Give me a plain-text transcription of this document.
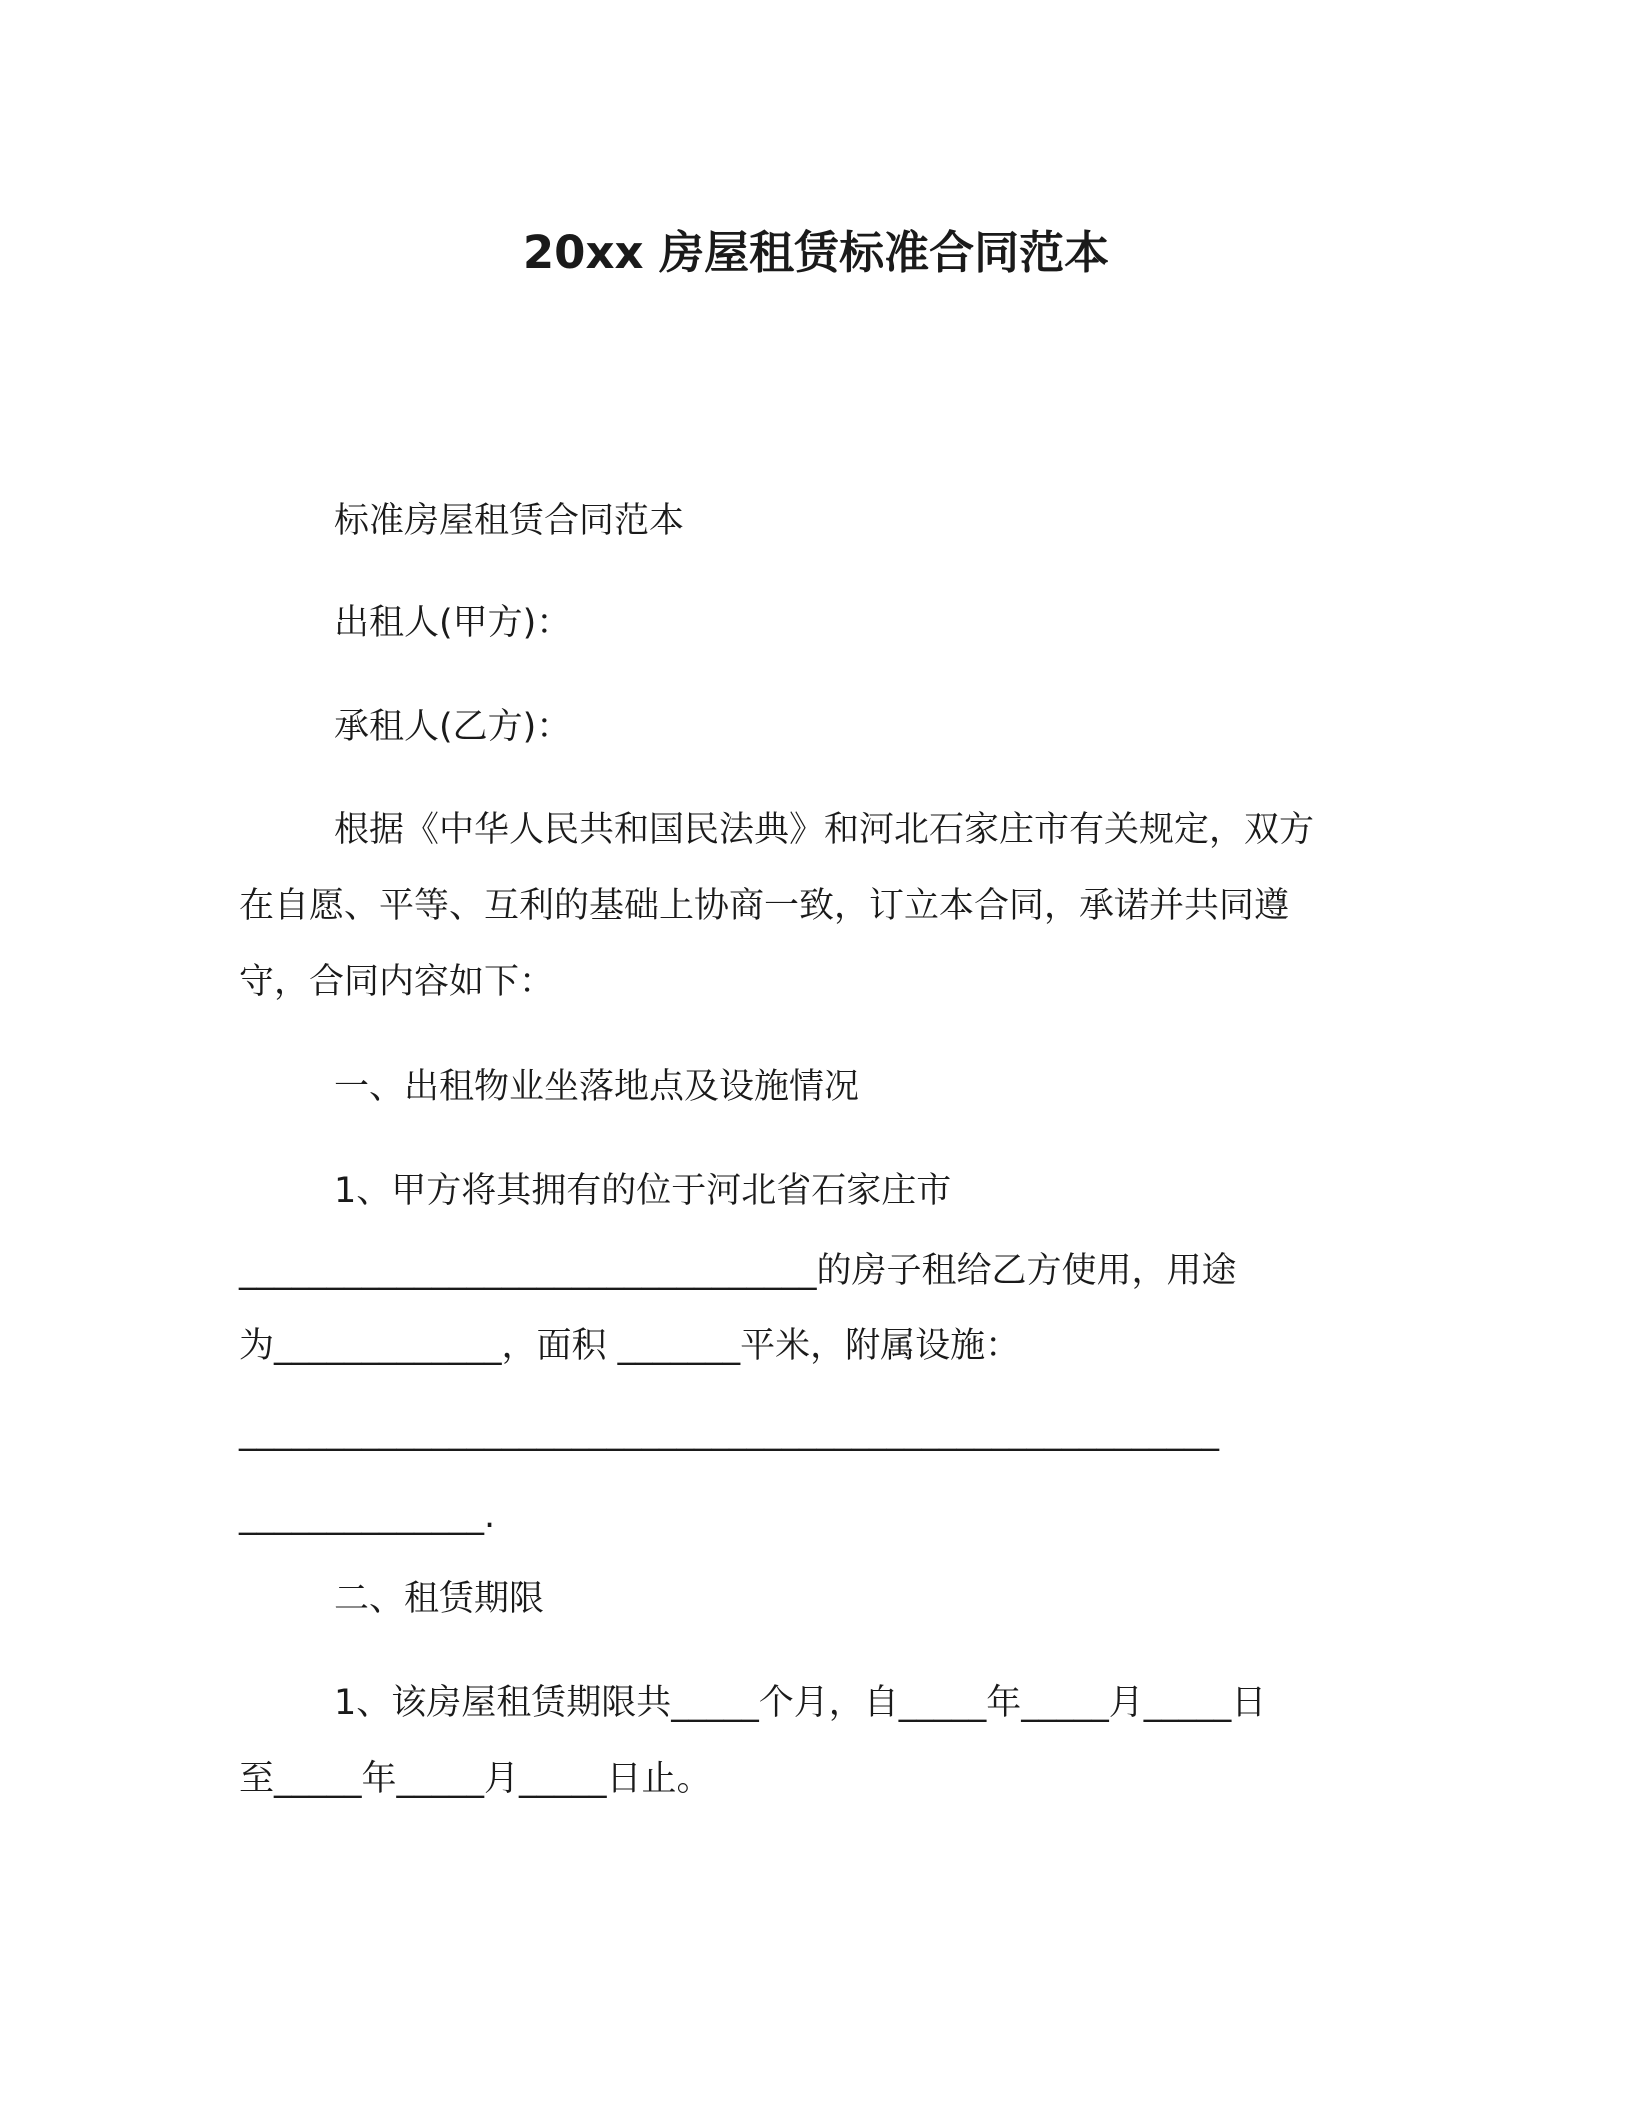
20xx 房屋租赁标准合同范本
标准房屋租赁合同范本
出租人(甲方)：
承租人(乙方)：
根据《中华人民共和国民法典》和河北石家庄市有关规定，双方
在自愿、平等、互利的基础上协商一致，订立本合同，承诺并共同遵
守，合同内容如下：
一、出租物业坐落地点及设施情况
1、甲方将其拥有的位于河北省石家庄市
_________________________________的房子租给乙方使用，用途
为_____________，面积 _______平米，附属设施：
________________________________________________________
______________.
二、租赁期限
1、该房屋租赁期限共_____个月，自_____年_____月_____日
至_____年_____月_____日止。
